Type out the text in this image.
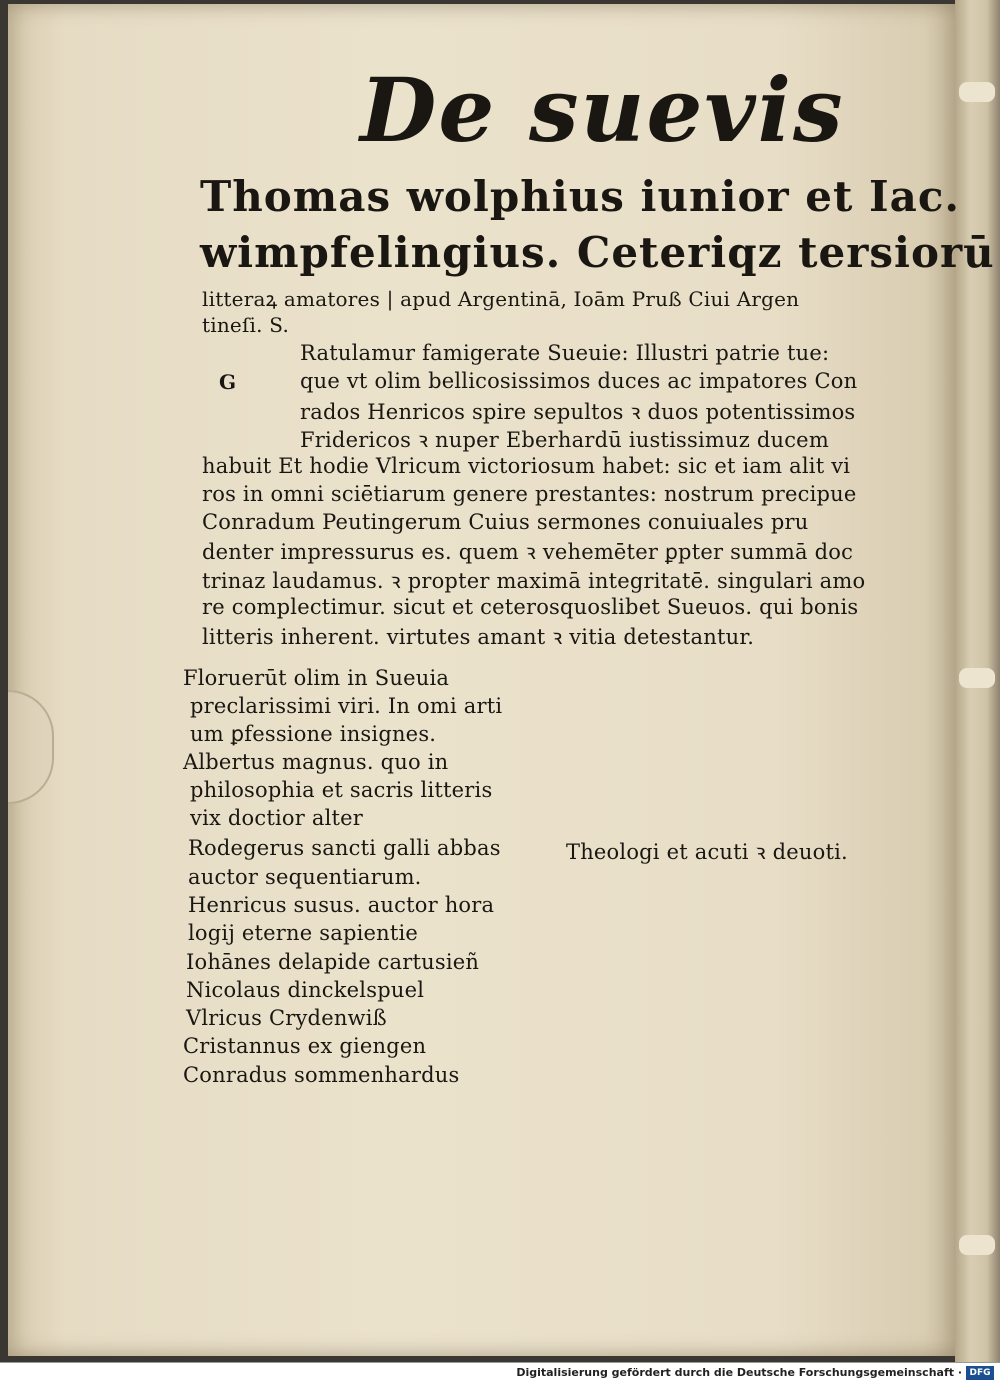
De suevis
Thomas wolphius iunior et Iac.
wimpfelingius. Ceteriqz tersiorū
litteraꝝ amatores | apud Argentinā, Ioām Pruß Ciui Argen
tineſi. S.
G
Ratulamur famigerate Sueuie: Illustri patrie tue:
que vt olim bellicosissimos duces ac impatores Con
rados Henricos spire sepultos ꝛ duos potentissimos
Fridericos ꝛ nuper Eberhardū iustissimuz ducem
habuit Et hodie Vlricum victoriosum habet: sic et iam alit vi
ros in omni sciētiarum genere prestantes: nostrum precipue
Conradum Peutingerum Cuius sermones conuiuales pru
denter impressurus es. quem ꝛ vehemēter ꝑpter summā doc
trinaz laudamus. ꝛ propter maximā integritatē. singulari amo
re complectimur. sicut et ceterosquoslibet Sueuos. qui bonis
litteris inherent. virtutes amant ꝛ vitia detestantur.
Floruerūt olim in Sueuia
preclarissimi viri. In omi arti
um ꝑfessione insignes.
Albertus magnus. quo in
philosophia et sacris litteris
vix doctior alter
Rodegerus sancti galli abbas
auctor sequentiarum.
Henricus susus. auctor hora
logij eterne sapientie
Iohānes delapide cartusieñ
Nicolaus dinckelspuel
Vlricus Crydenwiß
Cristannus ex giengen
Conradus sommenhardus
Theologi et acuti ꝛ deuoti.
Digitalisierung gefördert durch die Deutsche Forschungsgemeinschaft · DFG
